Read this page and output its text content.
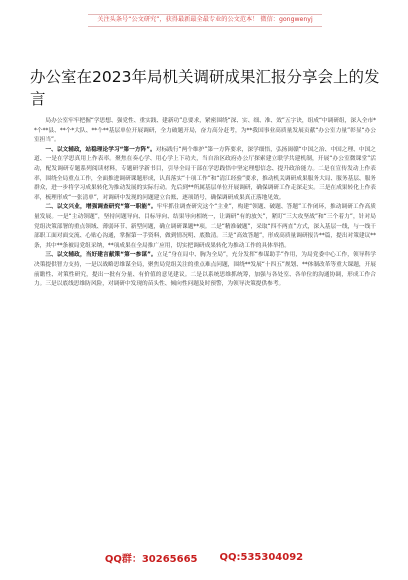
关注头条号“公文研究”，获得最新最全最专业的公文范本！ 微信：gongwenyj
办公室在2023年局机关调研成果汇报分享会上的发言

局办公室牢牢把握“学思想、强党性、重实践、建新功”总要求，紧密围绕“深、实、细、准、效”五字诀，组成“中调研组，深入全市**个**县、**个*大队、**个**基层单位开展调研，全力破题开局，奋力高分赶考，为**我国事业高质量发展贡献“办公室力量”彰显“办公室担当”。

一、以文辅政，站稳理论学习“第一方阵”。对标践行“两个维护”第一方阵要求，深学细悟，弘扬闽赣“中国之治、中国之理、中国之道、一是在学思真用上作表率。聚焦在奏心学、用心学上下功夫，当自治区政府办公厅探索建立联学共建机制，开展“办公室微课堂”活动，配发调研专题系列阅读材料，专题研学新书目，引导全局干部在学思践悟中坚定理想信念、提升政治能力。二是在宣传发动上作表率，围绕全局重点工作，全面推进调研课题形成，认真落实“十项工作”和“清江经验”要求，推动机关调研成果服务大局、服务基层、服务群众，进一步将学习成果转化为推动发展的实际行动。先后到**所属基层单位开展调研，确保调研工作走深走实。三是在成果转化上作表率，梳理形成“一张清单”，对调研中发现的问题建立台账、逐项销号，确保调研成果真正落地见效。

二、以文兴业，增强调查研究“第一职能”。牢牢抓住调查研究这个“主业”，构建“领题、破题、答题”工作闭环，推动调研工作高质量发展。一是“主动领题”，坚持问题导向、目标导向、结果导向相统一，让调研“有的放矢”，紧盯“三大攻坚战”和“三个着力”，针对局党组决策部署的重点领域、薄弱环节、新型问题，确立调研课题**项。二是“精准破题”，采取“四不两直”方式，深入基层一线，与一线干部职工面对面交流、心贴心沟通，掌握第一手资料，做到情况明、底数清。三是“高效答题”，形成高质量调研报告**篇，提出对策建议**条，其中**条被局党组采纳，**项成果在全局推广应用，切实把调研成果转化为推动工作的具体举措。

三、以文辅政，当好建言献策“第一参谋”。立足“身在局中、胸为全局”，充分发挥“参谋助手”作用，为局党委中心工作，领导科学决策提供智力支持，一是以战略思维谋全局，聚焦局党组关注的重点难点问题，围绕**发展“十四五”规划、**体制改革等重大课题，开展前瞻性、对策性研究，提出一批有分量、有价值的意见建议。二是以系统思维抓统筹，加强与各处室、各单位的沟通协调，形成工作合力。三是以底线思维防风险，对调研中发现的苗头性、倾向性问题及时预警，为领导决策提供参考。

QQ群：30265665 QQ:535304092
